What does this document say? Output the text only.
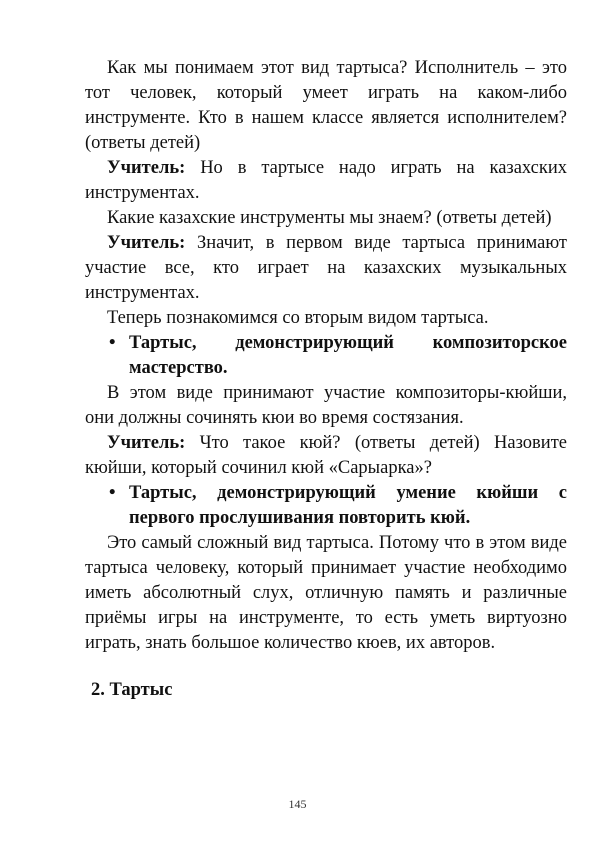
Как мы понимаем этот вид тартыса? Исполнитель – это тот человек, который умеет играть на каком-либо инструменте. Кто в нашем классе является исполнителем? (ответы детей)

Учитель: Но в тартысе надо играть на казахских инструментах.

Какие казахские инструменты мы знаем? (ответы детей)

Учитель: Значит, в первом виде тартыса принимают участие все, кто играет на казахских музыкальных инструментах.

Теперь познакомимся со вторым видом тартыса.

• Тартыс, демонстрирующий композиторское мастерство.

В этом виде принимают участие композиторы-кюйши, они должны сочинять кюи во время состязания.

Учитель: Что такое кюй? (ответы детей) Назовите кюйши, который сочинил кюй «Сарыарка»?

• Тартыс, демонстрирующий умение кюйши с первого прослушивания повторить кюй.

Это самый сложный вид тартыса. Потому что в этом виде тартыса человеку, который принимает участие необходимо иметь абсолютный слух, отличную память и различные приёмы игры на инструменте, то есть уметь виртуозно играть, знать большое количество кюев, их авторов.

2. Тартыс

145
